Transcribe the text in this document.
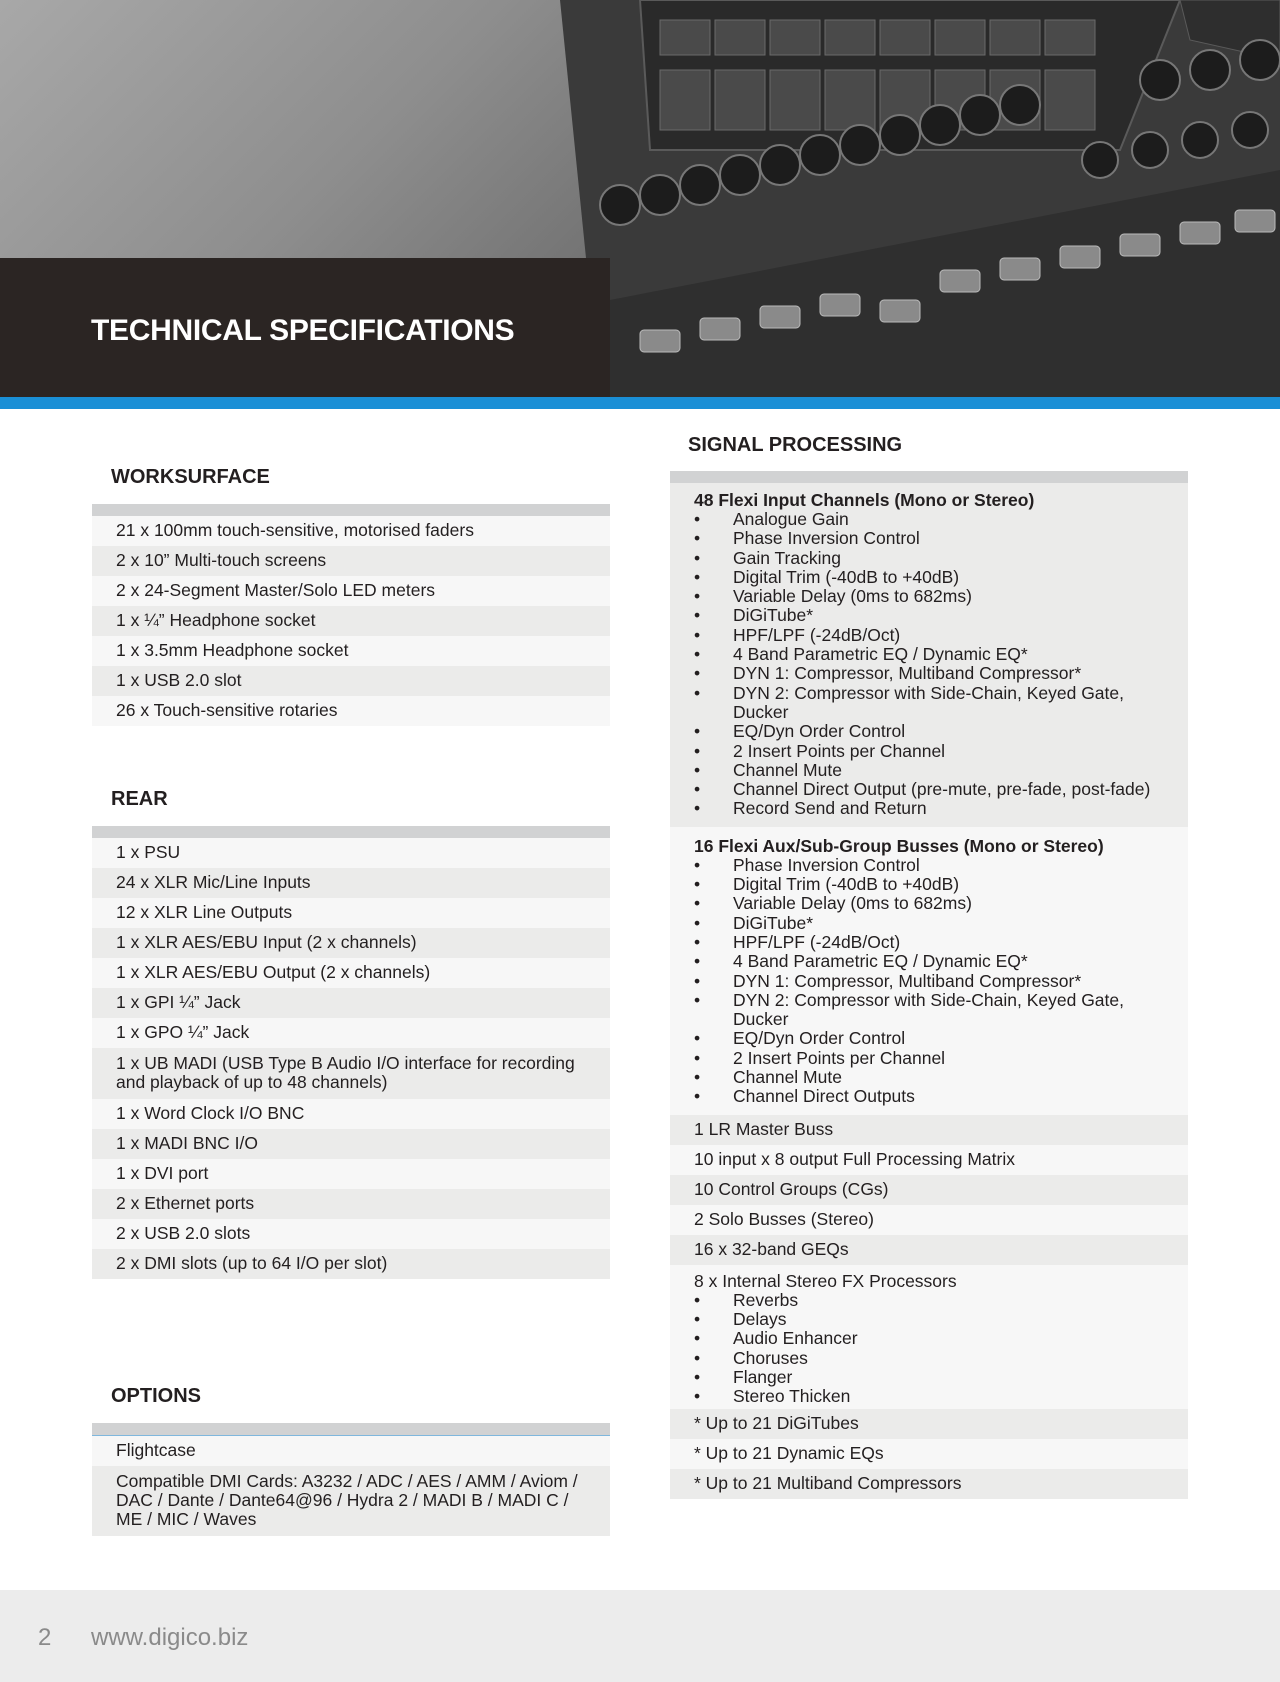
TECHNICAL SPECIFICATIONS
WORKSURFACE
21 x 100mm touch-sensitive, motorised faders
2 x 10” Multi-touch screens
2 x 24-Segment Master/Solo LED meters
1 x ¼” Headphone socket
1 x 3.5mm Headphone socket
1 x USB 2.0 slot
26 x Touch-sensitive rotaries
REAR
1 x PSU
24 x XLR Mic/Line Inputs
12 x XLR Line Outputs
1 x XLR AES/EBU Input (2 x channels)
1 x XLR AES/EBU Output (2 x channels)
1 x GPI ¼” Jack
1 x GPO ¼” Jack
1 x UB MADI (USB Type B Audio I/O interface for recording and playback of up to 48 channels)
1 x Word Clock I/O BNC
1 x MADI BNC I/O
1 x DVI port
2 x Ethernet ports
2 x USB 2.0 slots
2 x DMI slots (up to 64 I/O per slot)
OPTIONS
Flightcase
Compatible DMI Cards: A3232 / ADC / AES / AMM / Aviom / DAC / Dante / Dante64@96 / Hydra 2 / MADI B / MADI C / ME / MIC / Waves
SIGNAL PROCESSING
48 Flexi Input Channels (Mono or Stereo)
• Analogue Gain
• Phase Inversion Control
• Gain Tracking
• Digital Trim (-40dB to +40dB)
• Variable Delay (0ms to 682ms)
• DiGiTube*
• HPF/LPF (-24dB/Oct)
• 4 Band Parametric EQ / Dynamic EQ*
• DYN 1: Compressor, Multiband Compressor*
• DYN 2: Compressor with Side-Chain, Keyed Gate, Ducker
• EQ/Dyn Order Control
• 2 Insert Points per Channel
• Channel Mute
• Channel Direct Output (pre-mute, pre-fade, post-fade)
• Record Send and Return
16 Flexi Aux/Sub-Group Busses (Mono or Stereo)
• Phase Inversion Control
• Digital Trim (-40dB to +40dB)
• Variable Delay (0ms to 682ms)
• DiGiTube*
• HPF/LPF (-24dB/Oct)
• 4 Band Parametric EQ / Dynamic EQ*
• DYN 1: Compressor, Multiband Compressor*
• DYN 2: Compressor with Side-Chain, Keyed Gate, Ducker
• EQ/Dyn Order Control
• 2 Insert Points per Channel
• Channel Mute
• Channel Direct Outputs
1 LR Master Buss
10 input x 8 output Full Processing Matrix
10 Control Groups (CGs)
2 Solo Busses (Stereo)
16 x 32-band GEQs
8 x Internal Stereo FX Processors
• Reverbs
• Delays
• Audio Enhancer
• Choruses
• Flanger
• Stereo Thicken
* Up to 21 DiGiTubes
* Up to 21 Dynamic EQs
* Up to 21 Multiband Compressors
2 www.digico.biz
